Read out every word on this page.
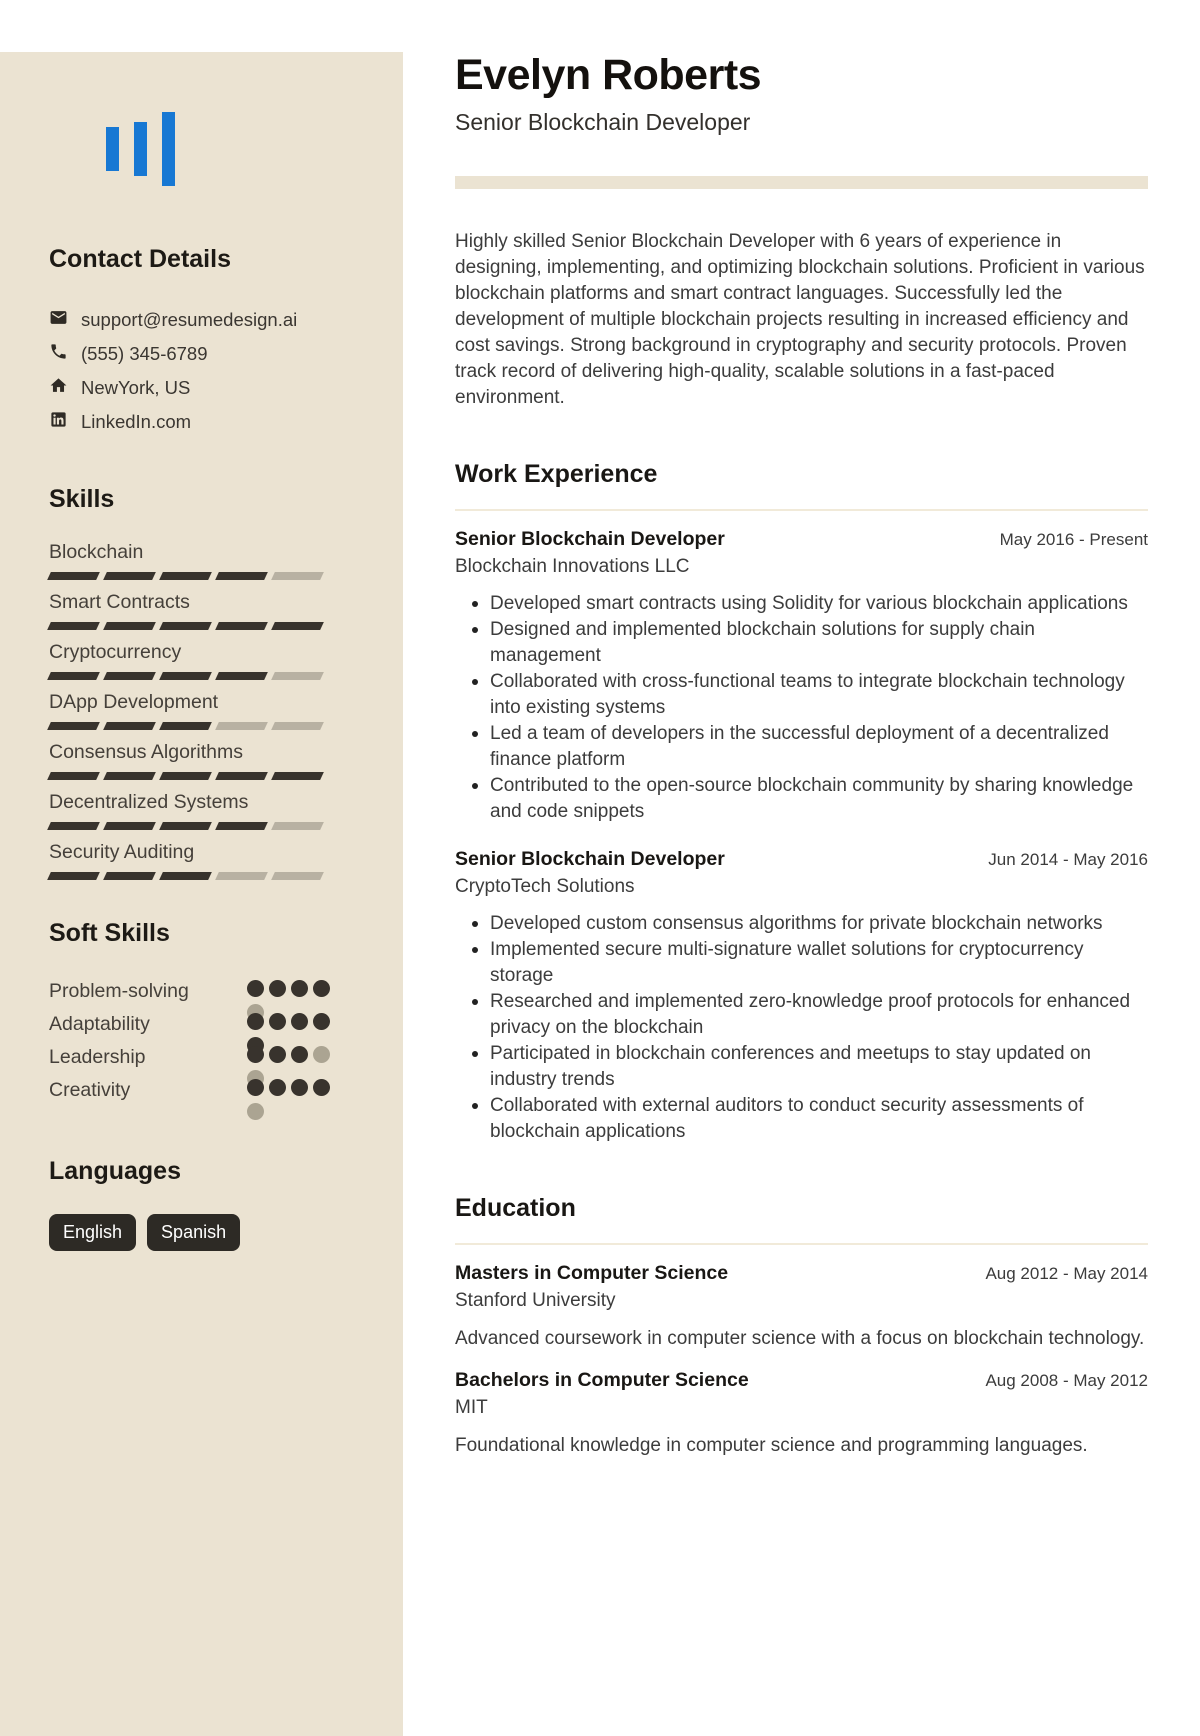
Contact Details
support@resumedesign.ai
(555) 345-6789
NewYork, US
LinkedIn.com
Skills
Blockchain
Smart Contracts
Cryptocurrency
DApp Development
Consensus Algorithms
Decentralized Systems
Security Auditing
Soft Skills
Problem-solving
Adaptability
Leadership
Creativity
Languages
English	Spanish
Evelyn Roberts
Senior Blockchain Developer

Highly skilled Senior Blockchain Developer with 6 years of experience in designing, implementing, and optimizing blockchain solutions. Proficient in various blockchain platforms and smart contract languages. Successfully led the development of multiple blockchain projects resulting in increased efficiency and cost savings. Strong background in cryptography and security protocols. Proven track record of delivering high-quality, scalable solutions in a fast-paced environment.

Work Experience
Senior Blockchain Developer	May 2016 - Present
Blockchain Innovations LLC
Developed smart contracts using Solidity for various blockchain applications
Designed and implemented blockchain solutions for supply chain management
Collaborated with cross-functional teams to integrate blockchain technology into existing systems
Led a team of developers in the successful deployment of a decentralized finance platform
Contributed to the open-source blockchain community by sharing knowledge and code snippets
Senior Blockchain Developer	Jun 2014 - May 2016
CryptoTech Solutions
Developed custom consensus algorithms for private blockchain networks
Implemented secure multi-signature wallet solutions for cryptocurrency storage
Researched and implemented zero-knowledge proof protocols for enhanced privacy on the blockchain
Participated in blockchain conferences and meetups to stay updated on industry trends
Collaborated with external auditors to conduct security assessments of blockchain applications
Education
Masters in Computer Science	Aug 2012 - May 2014
Stanford University
Advanced coursework in computer science with a focus on blockchain technology.
Bachelors in Computer Science	Aug 2008 - May 2012
MIT
Foundational knowledge in computer science and programming languages.
